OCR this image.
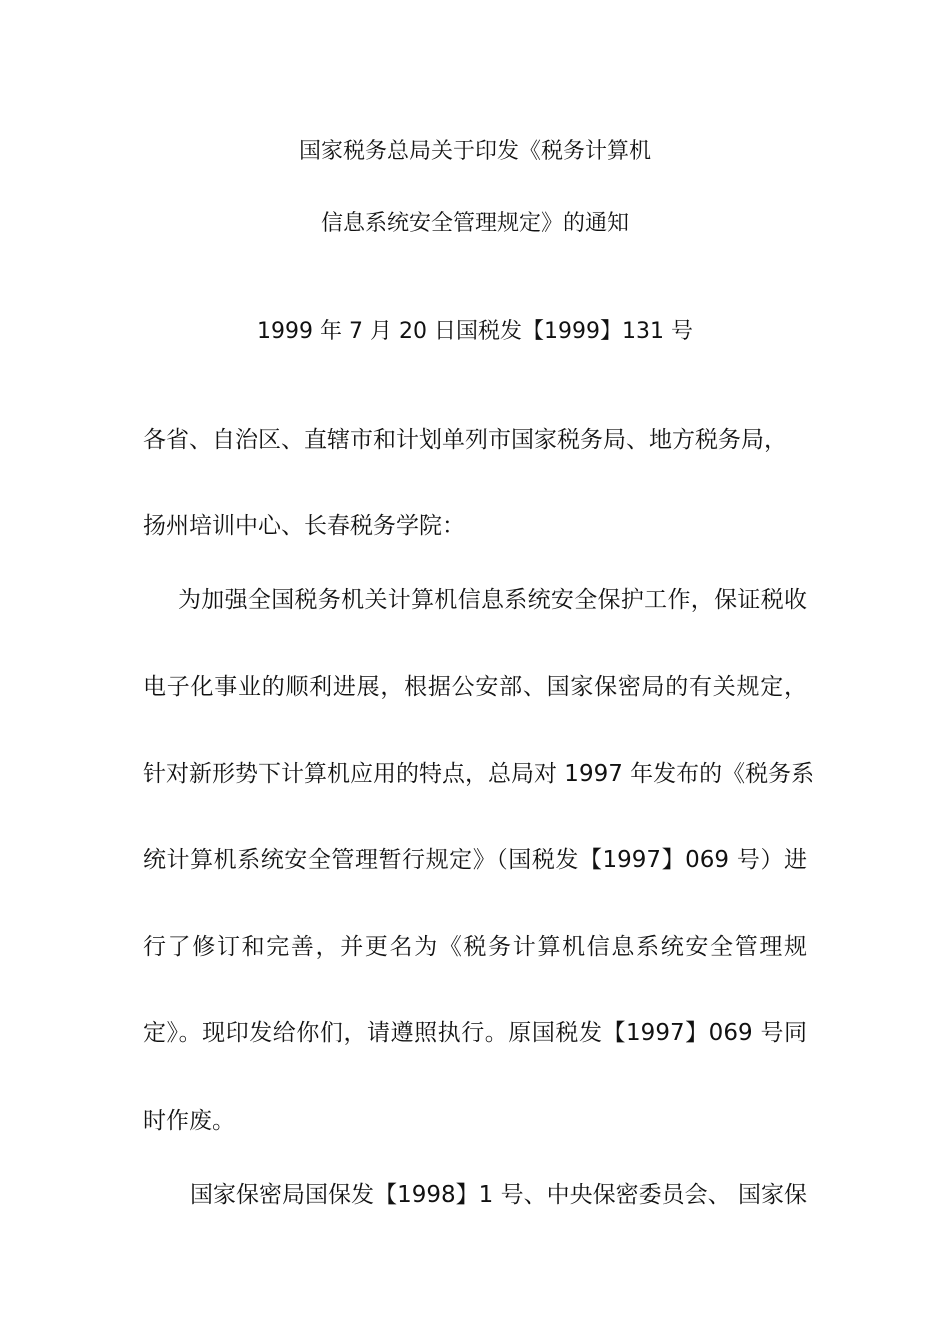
国家税务总局关于印发《税务计算机
信息系统安全管理规定》的通知
1999 年 7 月 20 日国税发【1999】131 号
各省、自治区、直辖市和计划单列市国家税务局、地方税务局，
扬州培训中心、长春税务学院：
为加强全国税务机关计算机信息系统安全保护工作，保证税收
电子化事业的顺利进展，根据公安部、国家保密局的有关规定，
针对新形势下计算机应用的特点，总局对 1997 年发布的《税务系
统计算机系统安全管理暂行规定》（国税发【1997】069 号）进
行了修订和完善，并更名为《税务计算机信息系统安全管理规
定》。现印发给你们，请遵照执行。原国税发【1997】069 号同
时作废。
国家保密局国保发【1998】1 号、中央保密委员会、 国家保
